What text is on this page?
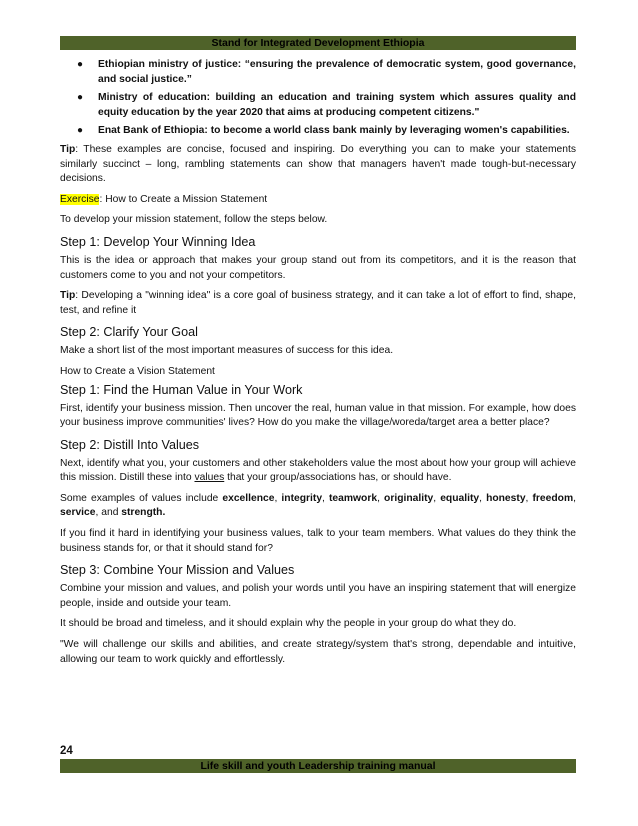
Stand for Integrated Development Ethiopia
● Ethiopian ministry of justice: “ensuring the prevalence of democratic system, good governance, and social justice.”
● Ministry of education: building an education and training system which assures quality and equity education by the year 2020 that aims at producing competent citizens."
● Enat Bank of Ethiopia: to become a world class bank mainly by leveraging women's capabilities.

Tip: These examples are concise, focused and inspiring. Do everything you can to make your statements similarly succinct – long, rambling statements can show that managers haven't made tough-but-necessary decisions.

Exercise: How to Create a Mission Statement

To develop your mission statement, follow the steps below.

Step 1: Develop Your Winning Idea

This is the idea or approach that makes your group stand out from its competitors, and it is the reason that customers come to you and not your competitors.

Tip: Developing a "winning idea" is a core goal of business strategy, and it can take a lot of effort to find, shape, test, and refine it

Step 2: Clarify Your Goal

Make a short list of the most important measures of success for this idea.

How to Create a Vision Statement

Step 1: Find the Human Value in Your Work

First, identify your business mission. Then uncover the real, human value in that mission. For example, how does your business improve communities' lives? How do you make the village/woreda/target area a better place?

Step 2: Distill Into Values

Next, identify what you, your customers and other stakeholders value the most about how your group will achieve this mission. Distill these into values that your group/associations has, or should have.

Some examples of values include excellence, integrity, teamwork, originality, equality, honesty, freedom, service, and strength.

If you find it hard in identifying your business values, talk to your team members. What values do they think the business stands for, or that it should stand for?

Step 3: Combine Your Mission and Values

Combine your mission and values, and polish your words until you have an inspiring statement that will energize people, inside and outside your team.

It should be broad and timeless, and it should explain why the people in your group do what they do.

"We will challenge our skills and abilities, and create strategy/system that's strong, dependable and intuitive, allowing our team to work quickly and effortlessly.

24
Life skill and youth Leadership training manual
